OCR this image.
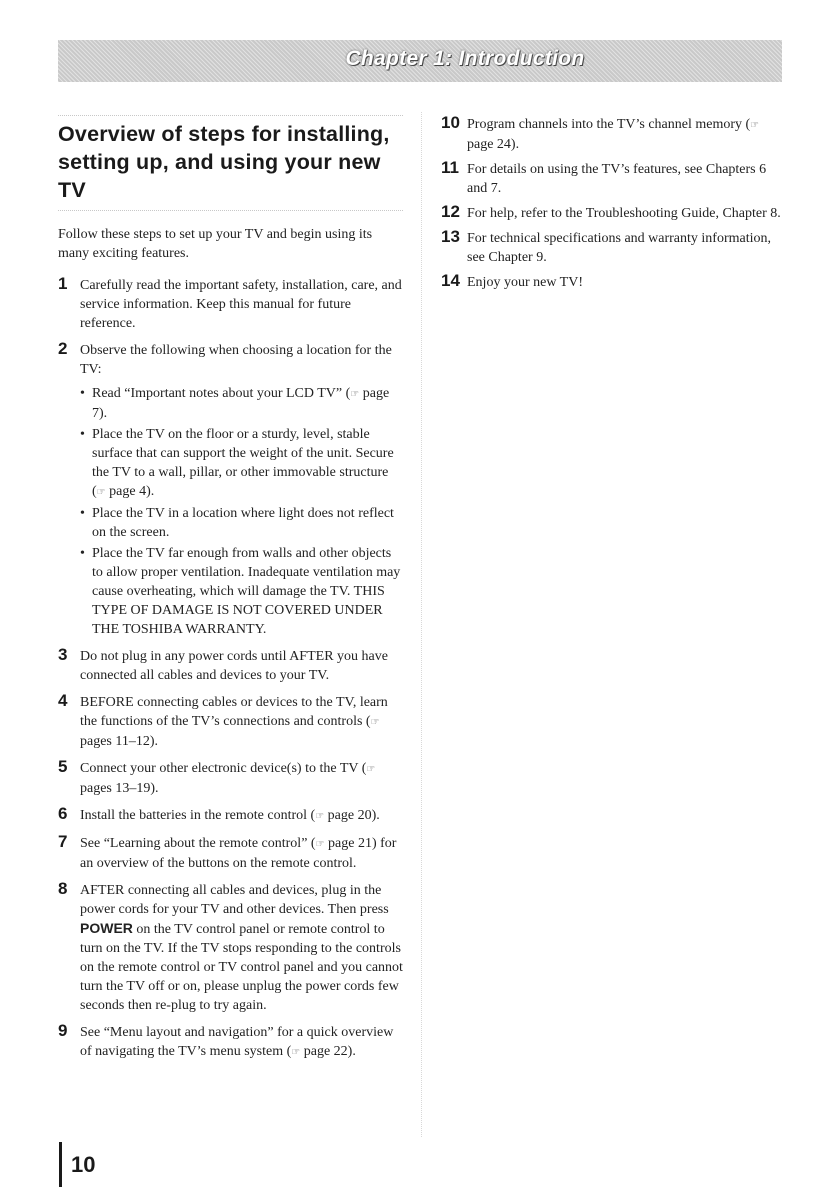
Chapter 1: Introduction
Overview of steps for installing, setting up, and using your new TV

Follow these steps to set up your TV and begin using its many exciting features.

1 Carefully read the important safety, installation, care, and service information. Keep this manual for future reference.
2 Observe the following when choosing a location for the TV:
• Read “Important notes about your LCD TV” (☞ page 7).
• Place the TV on the floor or a sturdy, level, stable surface that can support the weight of the unit. Secure the TV to a wall, pillar, or other immovable structure (☞ page 4).
• Place the TV in a location where light does not reflect on the screen.
• Place the TV far enough from walls and other objects to allow proper ventilation. Inadequate ventilation may cause overheating, which will damage the TV. THIS TYPE OF DAMAGE IS NOT COVERED UNDER THE TOSHIBA WARRANTY.
3 Do not plug in any power cords until AFTER you have connected all cables and devices to your TV.
4 BEFORE connecting cables or devices to the TV, learn the functions of the TV’s connections and controls (☞ pages 11–12).
5 Connect your other electronic device(s) to the TV (☞ pages 13–19).
6 Install the batteries in the remote control (☞ page 20).
7 See “Learning about the remote control” (☞ page 21) for an overview of the buttons on the remote control.
8 AFTER connecting all cables and devices, plug in the power cords for your TV and other devices. Then press POWER on the TV control panel or remote control to turn on the TV. If the TV stops responding to the controls on the remote control or TV control panel and you cannot turn the TV off or on, please unplug the power cords few seconds then re-plug to try again.
9 See “Menu layout and navigation” for a quick overview of navigating the TV’s menu system (☞ page 22).
10 Program channels into the TV’s channel memory (☞ page 24).
11 For details on using the TV’s features, see Chapters 6 and 7.
12 For help, refer to the Troubleshooting Guide, Chapter 8.
13 For technical specifications and warranty information, see Chapter 9.
14 Enjoy your new TV!
10
